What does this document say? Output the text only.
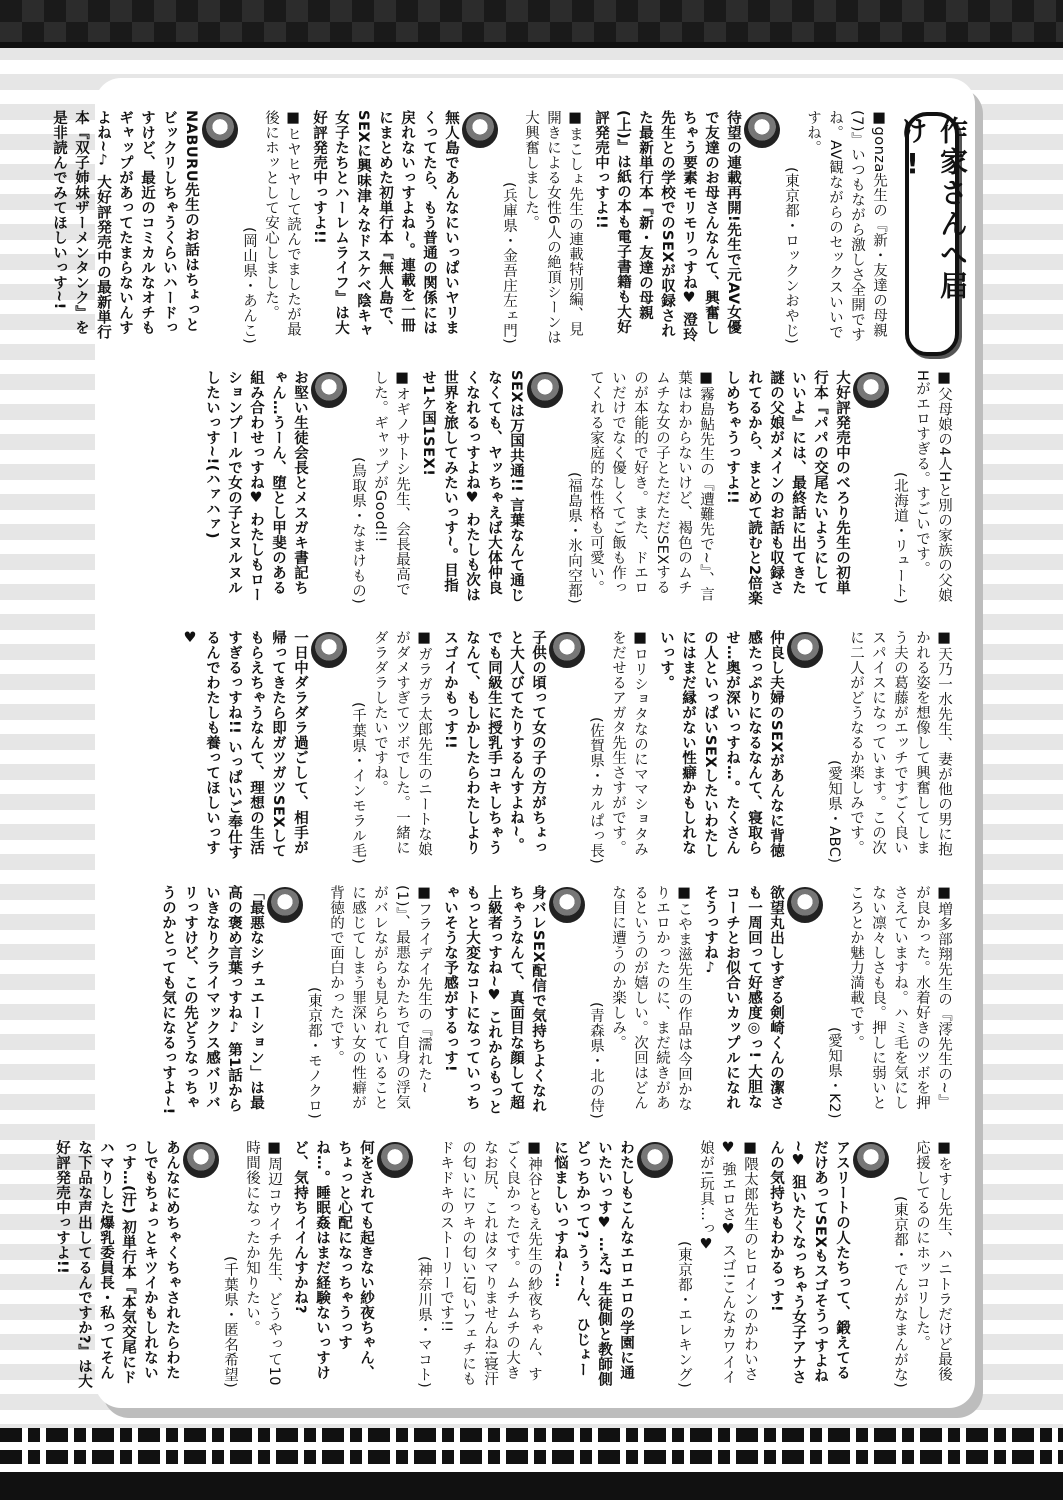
作家さんへ届け!
■gonza先生の『新・友達の母親(7)』いつもながら激しさ全開ですね。AV観ながらのセックスいいですね。
(東京都・ロックンおやじ)
待望の連載再開!先生で元AV女優で友達のお母さんなんて、興奮しちゃう要素モリモリっすね♥ 澄玲先生との学校でのSEXが収録された最新単行本『新・友達の母親(上)』は紙の本も電子書籍も大好評発売中っすよ!!
■まこしょ先生の連載特別編、見開きによる女性6人の絶頂シーンは大興奮しました。
(兵庫県・金吾庄左ェ門)
無人島であんなにいっぱいヤリまくってたら、もう普通の関係には戻れないっすよね~。連載を一冊にまとめた初単行本『無人島で、SEXに興味津々なドスケベ陰キャ女子たちとハーレムライフ』は大好評発売中っすよ!!
■ヒヤヒヤして読んでましたが最後にホッとして安心しました。
(岡山県・あんこ)
NABURU先生のお話はちょっとビックリしちゃうくらいハードっすけど、最近のコミカルなオチもギャップがあってたまらないんすよね~♪ 大好評発売中の最新単行本『双子姉妹ザーメンタンク』を是非読んでみてほしいっす~!
■父母娘の4人Hと別の家族の父娘Hがエロすぎる。すごいです。
(北海道・リュート)
大好評発売中のべろり先生の初単行本『パパの交尾たいようにしていいよ』には、最終話に出てきた謎の父娘がメインのお話も収録されてるから、まとめて読むと2倍楽しめちゃうっすよ!!
■霧島鮎先生の『遭難先で~』、言葉はわからないけど、褐色のムチムチな女の子とただただSEXするのが本能的で好き。また、ドエロいだけでなく優しくてご飯も作ってくれる家庭的な性格も可愛い。
(福島県・氷向空都)
SEXは万国共通!! 言葉なんて通じなくても、ヤッちゃえば大体仲良くなれるっすよね♥ わたしも次は世界を旅してみたいっす~。目指せ1ケ国1SEX!
■オギノサトシ先生、会長最高でした。ギャップがGood!!
(鳥取県・なまけもの)
お堅い生徒会長とメスガキ書記ちゃん…うーん、堕とし甲斐のある組み合わせっすね♥ わたしもローションプールで女の子とヌルヌルしたいっす~!(ハァハァ)
■天乃一水先生、妻が他の男に抱かれる姿を想像して興奮してしまう夫の葛藤がエッチですごく良いスパイスになっています。この次に二人がどうなるか楽しみです。
(愛知県・ABC)
仲良し夫婦のSEXがあんなに背徳感たっぷりになるなんて、寝取らせ…奥が深いっすね…。たくさんの人といっぱいSEXしたいわたしにはまだ縁がない性癖かもしれないっす。
■ロリショタなのにママショタみをだせるアガタ先生さすがです。
(佐賀県・カルぱっ長)
子供の頃って女の子の方がちょっと大人びてたりするんすよね~。でも同級生に授乳手コキしちゃうなんて、もしかしたらわたしよりスゴイかもっす!!
■ガラガラ太郎先生のニートな娘がダメすぎてツボでした。一緒にダラダラしたいですね。
(千葉県・インモラル毛)
一日中ダラダラ過ごして、相手が帰ってきたら即ガツガツSEXしてもらえちゃうなんて、理想の生活すぎるっすね!! いっぱいご奉仕するんでわたしも養ってほしいっす♥
■増多部翔先生の『澪先生の~』が良かった。水着好きのツボを押さえていますね。ハミ毛を気にしない凛々しさも良。押しに弱いところとか魅力満載です。
(愛知県・K2)
欲望丸出しすぎる剣崎くんの潔さも一周回って好感度◎っ! 大胆なコーチとお似合いカップルになれそうっすね♪
■こやま滋先生の作品は今回かなりエロかったのに、まだ続きがあるというのが嬉しい。次回はどんな目に遭うのか楽しみ。
(青森県・北の侍)
身バレSEX配信で気持ちよくなれちゃうなんて、真面目な顔して超上級者っすね~♥ これからもっともっと大変なコトになっていっちゃいそうな予感がするっす!
■フライデイ先生の『濡れた~(1)』、最悪なかたちで自身の浮気がバレながらも見られていることに感じてしまう罪深い女の性癖が背徳的で面白かったです。
(東京都・モノクロ)
「最悪なシチュエーション」は最高の褒め言葉っすね♪ 第1話からいきなりクライマックス感バリバリっすけど、この先どうなっちゃうのかとっても気になるっすよ~!
■をすし先生、ハニトラだけど最後応援してるのにホッコリした。
(東京都・でんがなまんがな)
アスリートの人たちって、鍛えてるだけあってSEXもスゴそうっすよね~♥ 狙いたくなっちゃう女子アナさんの気持ちもわかるっす!
■隈太郎先生のヒロインのかわいさ♥ 強エロさ♥ スゴ!こんなカワイイ娘が!玩具…っ♥
(東京都・エレキング)
わたしもこんなエロエロの学園に通いたいっす♥ …え? 生徒側と教師側どっちかって? うぅ~ん、ひじょーに悩ましいっすね~…
■神谷ともえ先生の紗夜ちゃん、すごく良かったです。ムチムチの大きなお尻、これはタマりませんね!寝汗の匂いにワキの匂い!匂いフェチにもドキドキのストーリーです!!
(神奈川県・マコト)
何をされても起きない紗夜ちゃん、ちょっと心配になっちゃうっすね…。睡眠姦はまだ経験ないっすけど、気持ちイイんすかね?
■周辺コウイチ先生、どうやって10時間後になったか知りたい。
(千葉県・匿名希望)
あんなにめちゃくちゃされたらわたしでもちょっとキツイかもしれないっす…(汗) 初単行本『本気交尾にドハマりした爆乳委員長・私ってそんな下品な声出してるんですか?』は大好評発売中っすよ!!
